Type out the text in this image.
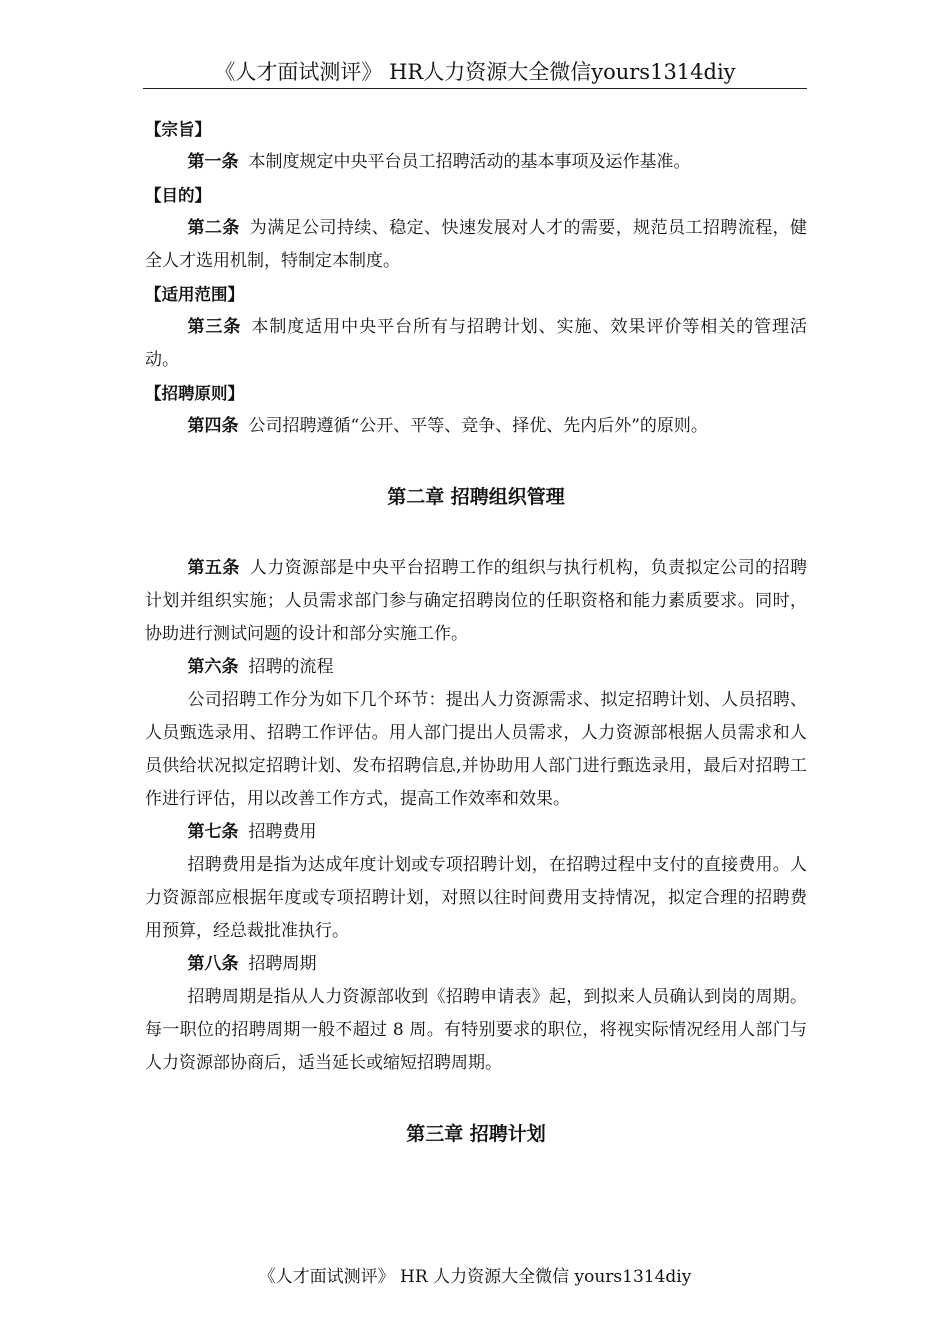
《人才面试测评》 HR人力资源大全微信yours1314diy

【宗旨】

第一条 本制度规定中央平台员工招聘活动的基本事项及运作基准。

【目的】

第二条 为满足公司持续、稳定、快速发展对人才的需要，规范员工招聘流程，健全人才选用机制，特制定本制度。

【适用范围】

第三条 本制度适用中央平台所有与招聘计划、实施、效果评价等相关的管理活动。

【招聘原则】

第四条 公司招聘遵循“公开、平等、竞争、择优、先内后外”的原则。

第二章 招聘组织管理

第五条 人力资源部是中央平台招聘工作的组织与执行机构，负责拟定公司的招聘计划并组织实施；人员需求部门参与确定招聘岗位的任职资格和能力素质要求。同时，协助进行测试问题的设计和部分实施工作。

第六条 招聘的流程

公司招聘工作分为如下几个环节：提出人力资源需求、拟定招聘计划、人员招聘、人员甄选录用、招聘工作评估。用人部门提出人员需求，人力资源部根据人员需求和人员供给状况拟定招聘计划、发布招聘信息,并协助用人部门进行甄选录用，最后对招聘工作进行评估，用以改善工作方式，提高工作效率和效果。

第七条 招聘费用

招聘费用是指为达成年度计划或专项招聘计划，在招聘过程中支付的直接费用。人力资源部应根据年度或专项招聘计划，对照以往时间费用支持情况，拟定合理的招聘费用预算，经总裁批准执行。

第八条 招聘周期

招聘周期是指从人力资源部收到《招聘申请表》起，到拟来人员确认到岗的周期。每一职位的招聘周期一般不超过 8 周。有特别要求的职位，将视实际情况经用人部门与人力资源部协商后，适当延长或缩短招聘周期。

第三章 招聘计划
《人才面试测评》 HR 人力资源大全微信 yours1314diy
